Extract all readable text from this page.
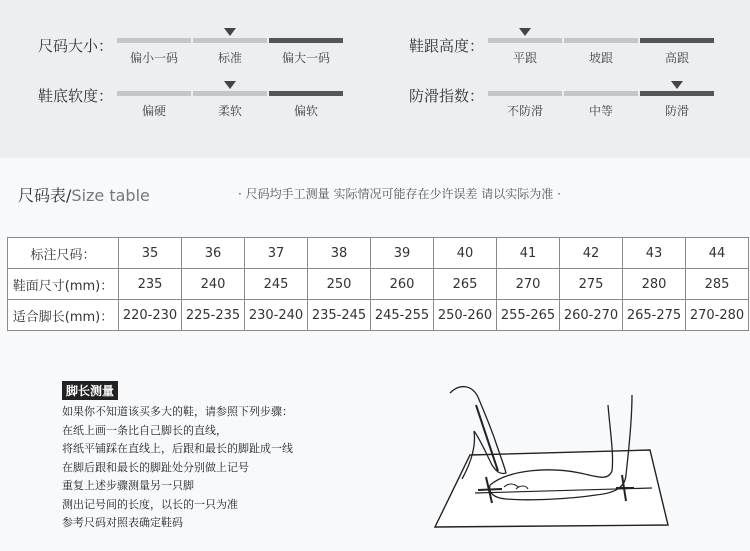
尺码大小：
偏小一码	标准	偏大一码
鞋跟高度：
平跟	坡跟	高跟
鞋底软度：
偏硬	柔软	偏软
防滑指数：
不防滑	中等	防滑
尺码表/Size table	· 尺码均手工测量 实际情况可能存在少许误差 请以实际为准 ·
标注尺码：	35	36	37	38	39	40	41	42	43	44
鞋面尺寸(mm)：	235	240	245	250	260	265	270	275	280	285
适合脚长(mm)：	220-230	225-235	230-240	235-245	245-255	250-260	255-265	260-270	265-275	270-280
脚长测量
如果你不知道该买多大的鞋，请参照下列步骤：
在纸上画一条比自己脚长的直线，
将纸平铺踩在直线上，后跟和最长的脚趾成一线
在脚后跟和最长的脚趾处分别做上记号
重复上述步骤测量另一只脚
测出记号间的长度，以长的一只为准
参考尺码对照表确定鞋码
